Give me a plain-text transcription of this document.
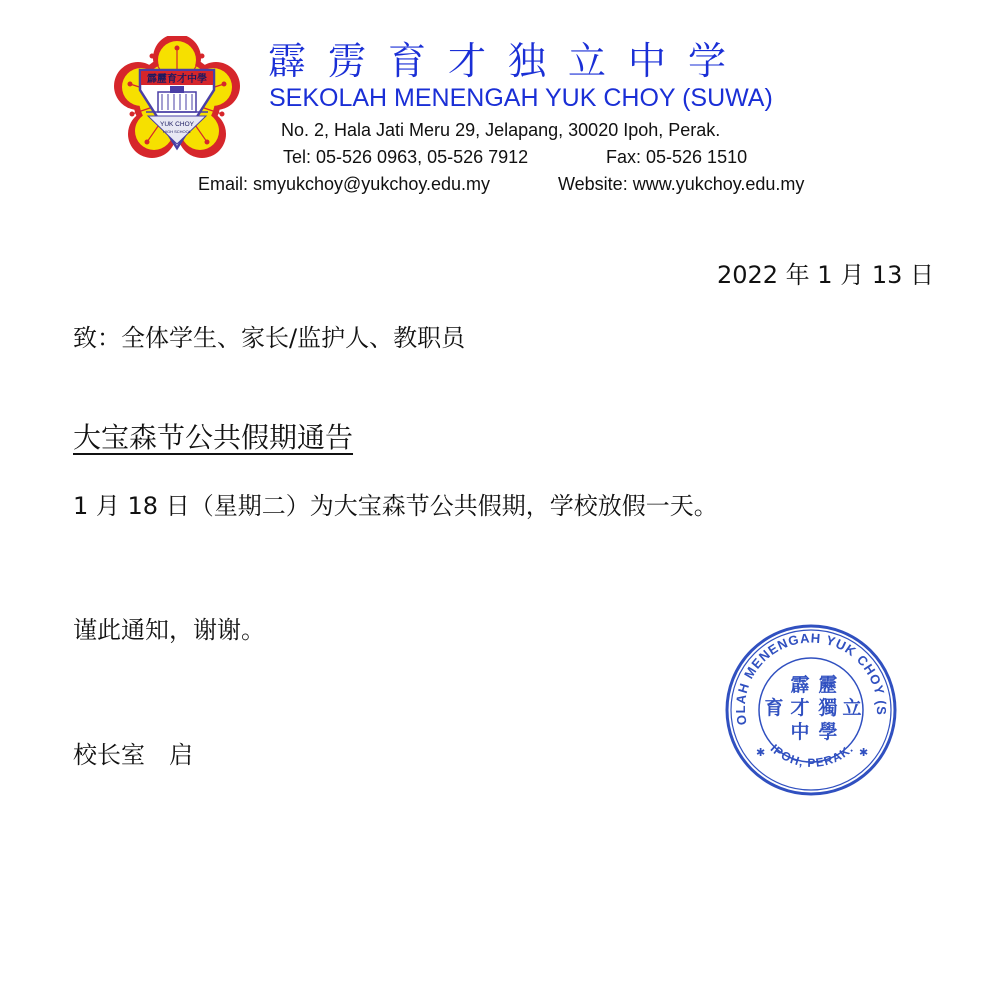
霹靂育才中學
YUK CHOY
HIGH SCHOOL
霹雳育才独立中学
SEKOLAH MENENGAH YUK CHOY (SUWA)
No. 2, Hala Jati Meru 29, Jelapang, 30020 Ipoh, Perak.
Tel: 05-526 0963, 05-526 7912	Fax: 05-526 1510
Email: smyukchoy@yukchoy.edu.my	Website: www.yukchoy.edu.my
2022 年 1 月 13 日
致：全体学生、家长/监护人、教职员
大宝森节公共假期通告
1 月 18 日（星期二）为大宝森节公共假期，学校放假一天。
谨此通知，谢谢。
校长室　启
OLAH MENENGAH YUK CHOY (S
IPOH, PERAK.
✱	✱
霹 靂
育 才 獨 立
中 學
